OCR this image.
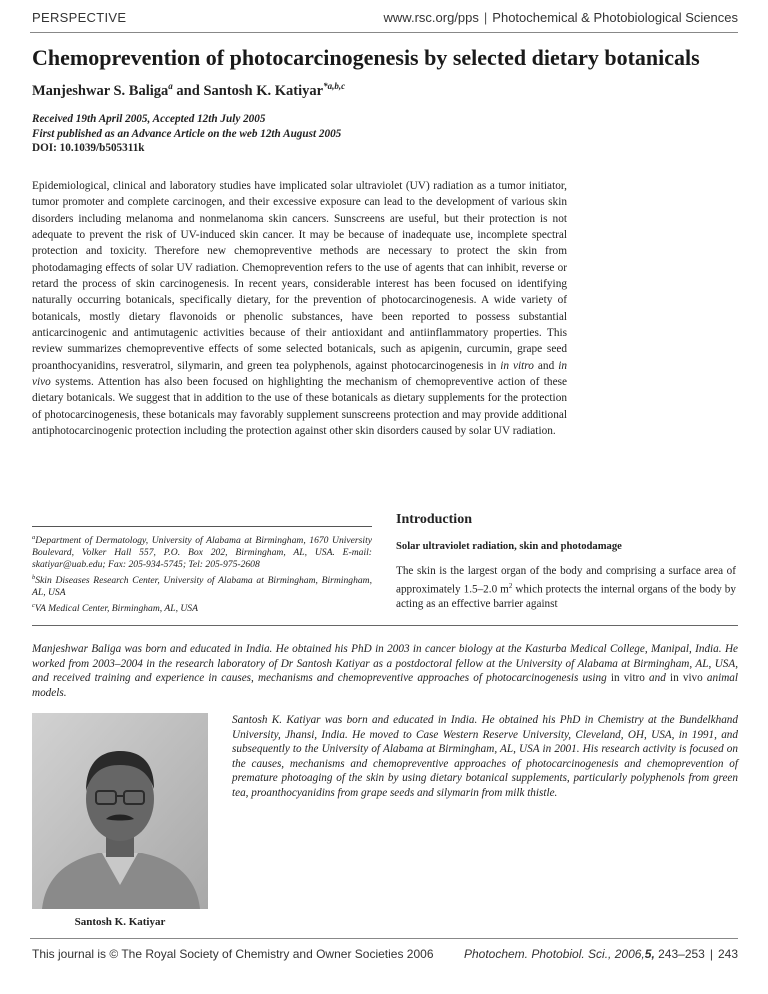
PERSPECTIVE	www.rsc.org/pps | Photochemical & Photobiological Sciences
Chemoprevention of photocarcinogenesis by selected dietary botanicals
Manjeshwar S. Baliga$^a$ and Santosh K. Katiyar$^{*a,b,c}$
Received 19th April 2005, Accepted 12th July 2005
First published as an Advance Article on the web 12th August 2005
DOI: 10.1039/b505311k

Epidemiological, clinical and laboratory studies have implicated solar ultraviolet (UV) radiation as a tumor initiator, tumor promoter and complete carcinogen, and their excessive exposure can lead to the development of various skin disorders including melanoma and nonmelanoma skin cancers. Sunscreens are useful, but their protection is not adequate to prevent the risk of UV-induced skin cancer. It may be because of inadequate use, incomplete spectral protection and toxicity. Therefore new chemopreventive methods are necessary to protect the skin from photodamaging effects of solar UV radiation. Chemoprevention refers to the use of agents that can inhibit, reverse or retard the process of skin carcinogenesis. In recent years, considerable interest has been focused on identifying naturally occurring botanicals, specifically dietary, for the prevention of photocarcinogenesis. A wide variety of botanicals, mostly dietary flavonoids or phenolic substances, have been reported to possess substantial anticarcinogenic and antimutagenic activities because of their antioxidant and antiinflammatory properties. This review summarizes chemopreventive effects of some selected botanicals, such as apigenin, curcumin, grape seed proanthocyanidins, resveratrol, silymarin, and green tea polyphenols, against photocarcinogenesis in in vitro and in vivo systems. Attention has also been focused on highlighting the mechanism of chemopreventive action of these dietary botanicals. We suggest that in addition to the use of these botanicals as dietary supplements for the protection of photocarcinogenesis, these botanicals may favorably supplement sunscreens protection and may provide additional antiphotocarcinogenic protection including the protection against other skin disorders caused by solar UV radiation.

$^a$Department of Dermatology, University of Alabama at Birmingham, 1670 University Boulevard, Volker Hall 557, P.O. Box 202, Birmingham, AL, USA. E-mail: skatiyar@uab.edu; Fax: 205-934-5745; Tel: 205-975-2608

$^b$Skin Diseases Research Center, University of Alabama at Birmingham, Birmingham, AL, USA

$^c$VA Medical Center, Birmingham, AL, USA

Introduction
Solar ultraviolet radiation, skin and photodamage

The skin is the largest organ of the body and comprising a surface area of approximately 1.5–2.0 $m^2$ which protects the internal organs of the body by acting as an effective barrier against

Manjeshwar Baliga was born and educated in India. He obtained his PhD in 2003 in cancer biology at the Kasturba Medical College, Manipal, India. He worked from 2003–2004 in the research laboratory of Dr Santosh Katiyar as a postdoctoral fellow at the University of Alabama at Birmingham, AL, USA, and received training and experience in causes, mechanisms and chemopreventive approaches of photocarcinogenesis using in vitro and in vivo animal models.

Santosh K. Katiyar

Santosh K. Katiyar was born and educated in India. He obtained his PhD in Chemistry at the Bundelkhand University, Jhansi, India. He moved to Case Western Reserve University, Cleveland, OH, USA, in 1991, and subsequently to the University of Alabama at Birmingham, AL, USA in 2001. His research activity is focused on the causes, mechanisms and chemopreventive approaches of photocarcinogenesis and chemoprevention of premature photoaging of the skin by using dietary botanical supplements, particularly polyphenols from green tea, proanthocyanidins from grape seeds and silymarin from milk thistle.

This journal is © The Royal Society of Chemistry and Owner Societies 2006	Photochem. Photobiol. Sci., 2006,5, 243–253 | 243
